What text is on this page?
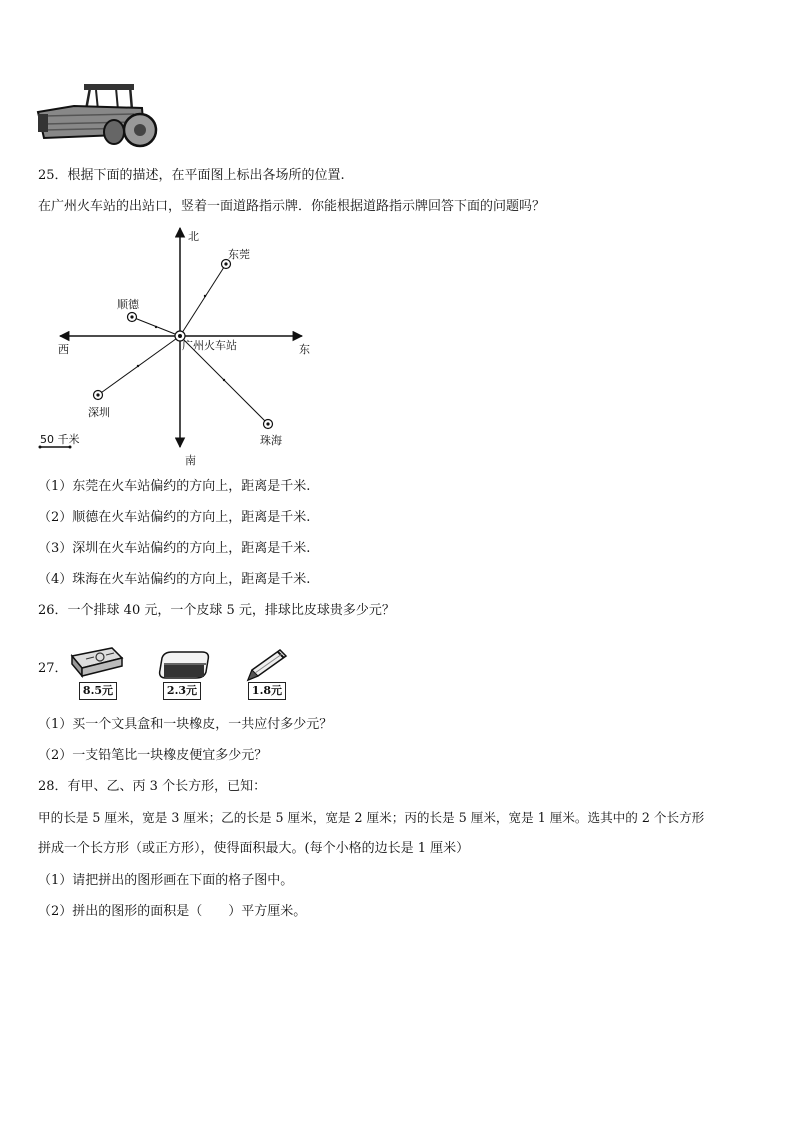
25．根据下面的描述，在平面图上标出各场所的位置.
在广州火车站的出站口，竖着一面道路指示牌．你能根据道路指示牌回答下面的问题吗？
北
南
东
西	广州火车站
东莞
顺德
深圳
珠海
50 千米
（1）东莞在火车站偏约的方向上，距离是千米.
（2）顺德在火车站偏约的方向上，距离是千米.
（3）深圳在火车站偏约的方向上，距离是千米.
（4）珠海在火车站偏约的方向上，距离是千米.
26．一个排球 40 元，一个皮球 5 元，排球比皮球贵多少元？
27．
8.5元	2.3元	1.8元
（1）买一个文具盒和一块橡皮，一共应付多少元？
（2）一支铅笔比一块橡皮便宜多少元？
28．有甲、乙、丙 3 个长方形，已知：
甲的长是 5 厘米，宽是 3 厘米；乙的长是 5 厘米，宽是 2 厘米；丙的长是 5 厘米，宽是 1 厘米。选其中的 2 个长方形
拼成一个长方形（或正方形），使得面积最大。(每个小格的边长是 1 厘米）
（1）请把拼出的图形画在下面的格子图中。
（2）拼出的图形的面积是（　　）平方厘米。
